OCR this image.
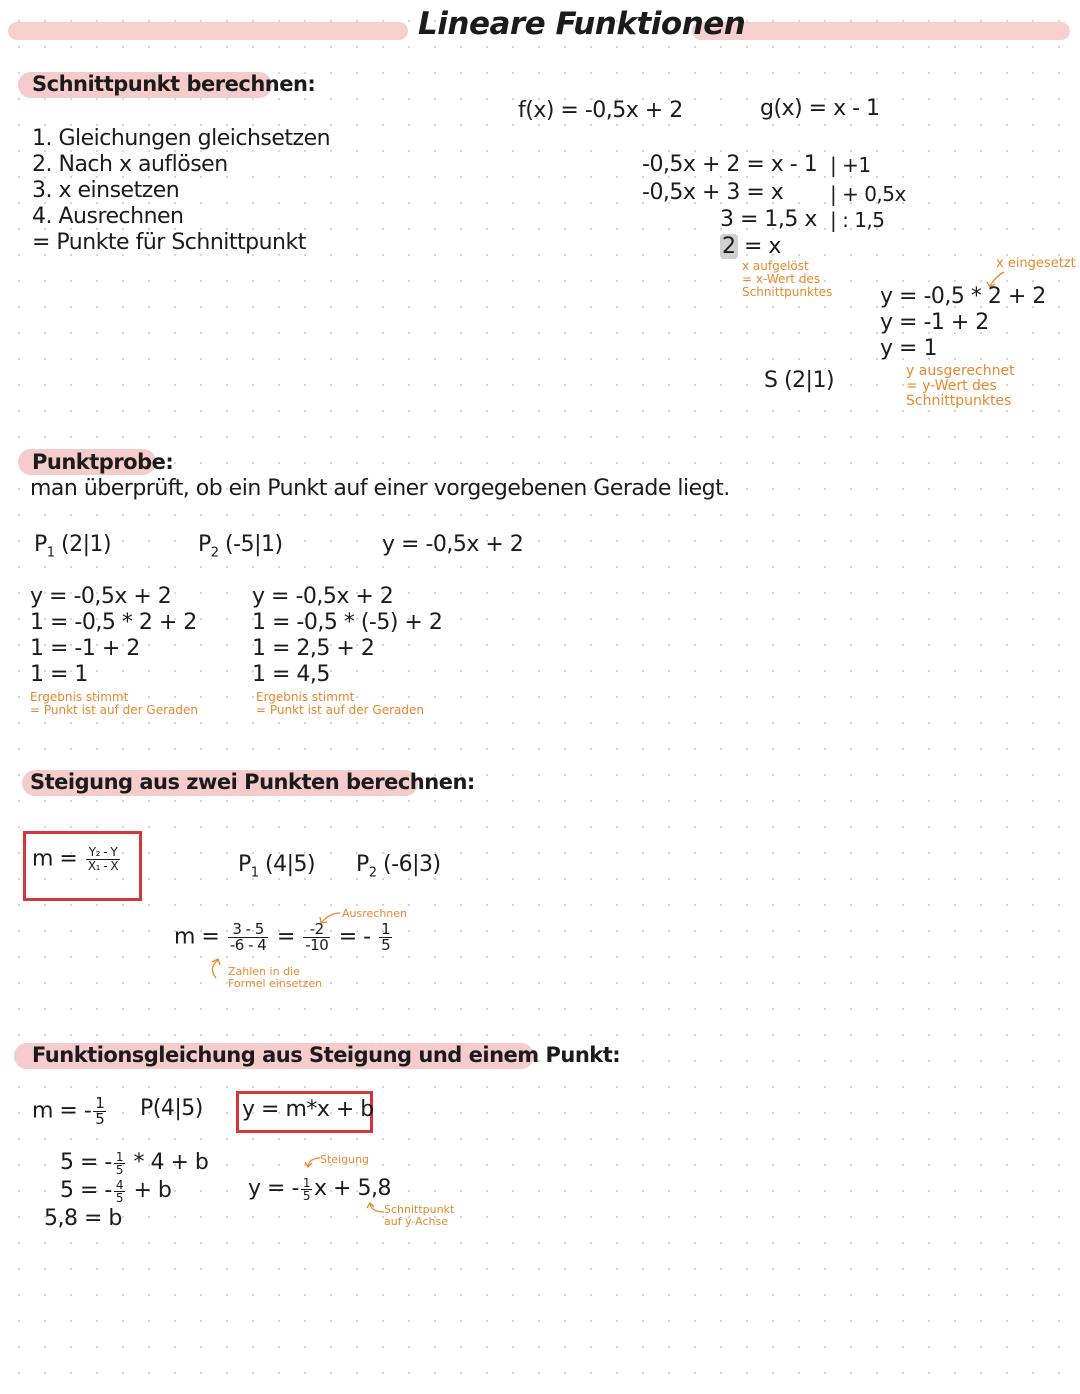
Lineare Funktionen
Schnittpunkt berechnen:
1. Gleichungen gleichsetzen
2. Nach x auflösen
3. x einsetzen
4. Ausrechnen
= Punkte für Schnittpunkt
f(x) = -0,5x + 2	g(x) = x - 1
-0,5x + 2 = x - 1 | +1
-0,5x + 3 = x | + 0,5x
3 = 1,5 x | : 1,5
2 = x
x aufgelöst
= x-Wert des
Schnittpunktes
x eingesetzt
y = -0,5 * 2 + 2
y = -1 + 2
y = 1
y ausgerechnet
= y-Wert des
Schnittpunktes
S (2|1)
Punktprobe:
man überprüft, ob ein Punkt auf einer vorgegebenen Gerade liegt.
$P_1$ (2|1)	$P_2$ (-5|1)	y = -0,5x + 2
y = -0,5x + 2
1 = -0,5 * 2 + 2
1 = -1 + 2
1 = 1
Ergebnis stimmt
= Punkt ist auf der Geraden
y = -0,5x + 2
1 = -0,5 * (-5) + 2
1 = 2,5 + 2
1 = 4,5
Ergebnis stimmt
= Punkt ist auf der Geraden
Steigung aus zwei Punkten berechnen:
$m = \frac{\text{Y₂ - Y}}{\text{X₁ - X}}$	$P_1$ (4|5) $P_2$ (-6|3)
Ausrechnen
$m = \frac{3 - 5}{-6 - 4} = \frac{-2}{-10}$ = - $\frac{1}{5}$
Zahlen in die
Formel einsetzen
Funktionsgleichung aus Steigung und einem Punkt:
m = - $\frac{1}{5} P(4|5) y = m*x + b$
5 = - $\frac{1}{5} * 4 + b$
5 = - $\frac{4}{5} + b$
5,8 = b
Steigung
y = - $\frac{1}{5}$ x + 5,8
Schnittpunkt
auf y-Achse
